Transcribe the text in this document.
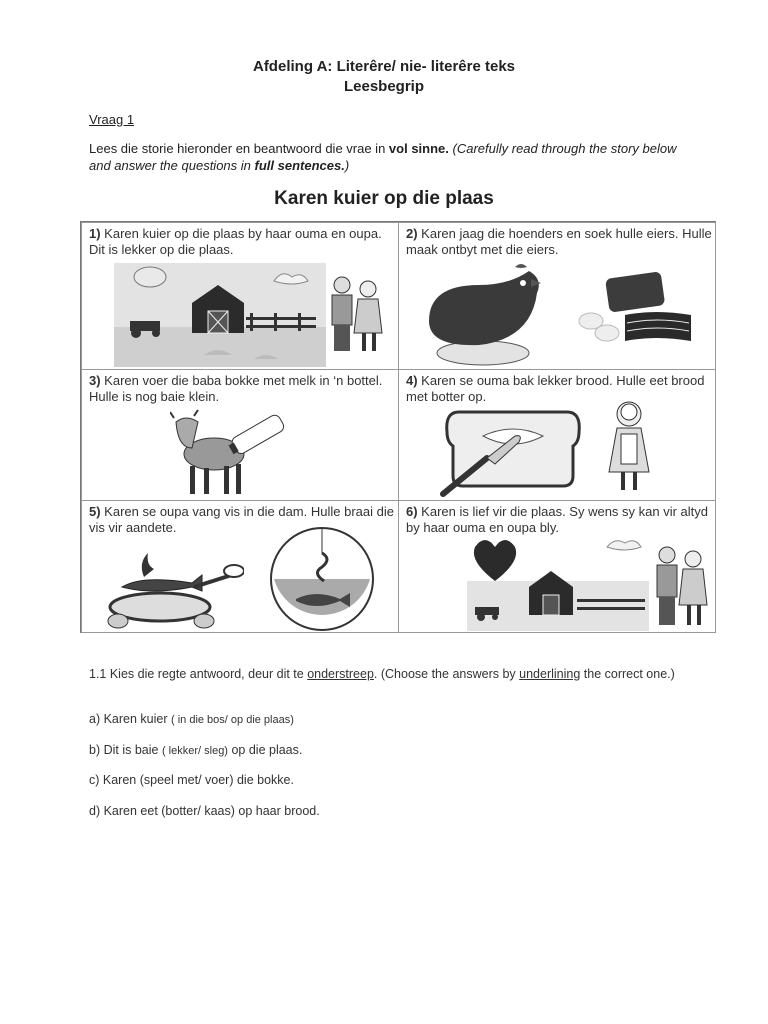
Afdeling A: Literêre/ nie- literêre teks
Leesbegrip
Vraag 1
Lees die storie hieronder en beantwoord die vrae in vol sinne. (Carefully read through the story below and answer the questions in full sentences.)
Karen kuier op die plaas

1) Karen kuier op die plaas by haar ouma en oupa. Dit is lekker op die plaas.

2) Karen jaag die hoenders en soek hulle eiers. Hulle maak ontbyt met die eiers.

3) Karen voer die baba bokke met melk in ‘n bottel. Hulle is nog baie klein.

4) Karen se ouma bak lekker brood. Hulle eet brood met botter op.

5) Karen se oupa vang vis in die dam. Hulle braai die vis vir aandete.

6) Karen is lief vir die plaas. Sy wens sy kan vir altyd by haar ouma en oupa bly.

1.1 Kies die regte antwoord, deur dit te onderstreep. (Choose the answers by underlining the correct one.)
a) Karen kuier ( in die bos/ op die plaas)
b) Dit is baie ( lekker/ sleg) op die plaas.
c) Karen (speel met/ voer) die bokke.
d) Karen eet (botter/ kaas) op haar brood.
